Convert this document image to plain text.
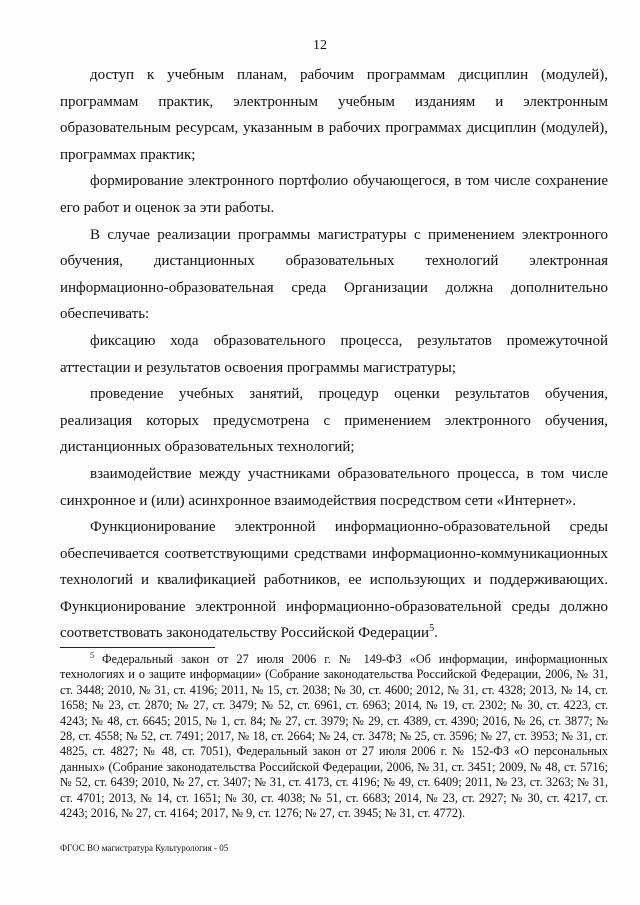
12

доступ к учебным планам, рабочим программам дисциплин (модулей), программам практик, электронным учебным изданиям и электронным образовательным ресурсам, указанным в рабочих программах дисциплин (модулей), программах практик;

формирование электронного портфолио обучающегося, в том числе сохранение его работ и оценок за эти работы.

В случае реализации программы магистратуры с применением электронного обучения, дистанционных образовательных технологий электронная информационно-образовательная среда Организации должна дополнительно обеспечивать:

фиксацию хода образовательного процесса, результатов промежуточной аттестации и результатов освоения программы магистратуры;

проведение учебных занятий, процедур оценки результатов обучения, реализация которых предусмотрена с применением электронного обучения, дистанционных образовательных технологий;

взаимодействие между участниками образовательного процесса, в том числе синхронное и (или) асинхронное взаимодействия посредством сети «Интернет».

Функционирование электронной информационно-образовательной среды обеспечивается соответствующими средствами информационно-коммуникационных технологий и квалификацией работников, ее использующих и поддерживающих. Функционирование электронной информационно-образовательной среды должно соответствовать законодательству Российской Федерации$^5$.

$^5$ Федеральный закон от 27 июля 2006 г. № 149-ФЗ «Об информации, информационных технологиях и о защите информации» (Собрание законодательства Российской Федерации, 2006, № 31, ст. 3448; 2010, № 31, ст. 4196; 2011, № 15, ст. 2038; № 30, ст. 4600; 2012, № 31, ст. 4328; 2013, № 14, ст. 1658; № 23, ст. 2870; № 27, ст. 3479; № 52, ст. 6961, ст. 6963; 2014, № 19, ст. 2302; № 30, ст. 4223, ст. 4243; № 48, ст. 6645; 2015, № 1, ст. 84; № 27, ст. 3979; № 29, ст. 4389, ст. 4390; 2016, № 26, ст. 3877; № 28, ст. 4558; № 52, ст. 7491; 2017, № 18, ст. 2664; № 24, ст. 3478; № 25, ст. 3596; № 27, ст. 3953; № 31, ст. 4825, ст. 4827; № 48, ст. 7051), Федеральный закон от 27 июля 2006 г. № 152-ФЗ «О персональных данных» (Собрание законодательства Российской Федерации, 2006, № 31, ст. 3451; 2009, № 48, ст. 5716; № 52, ст. 6439; 2010, № 27, ст. 3407; № 31, ст. 4173, ст. 4196; № 49, ст. 6409; 2011, № 23, ст. 3263; № 31, ст. 4701; 2013, № 14, ст. 1651; № 30, ст. 4038; № 51, ст. 6683; 2014, № 23, ст. 2927; № 30, ст. 4217, ст. 4243; 2016, № 27, ст. 4164; 2017, № 9, ст. 1276; № 27, ст. 3945; № 31, ст. 4772).

ФГОС ВО магистратура Культурология - 05
